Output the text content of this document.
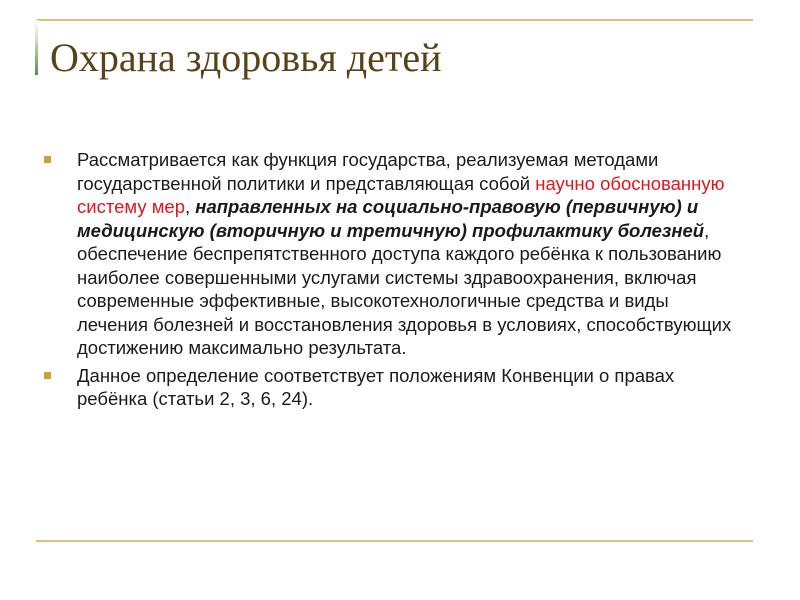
Охрана здоровья детей
Рассматривается как функция государства, реализуемая методами государственной политики и представляющая собой научно обоснованную систему мер, направленных на социально-правовую (первичную) и медицинскую (вторичную и третичную) профилактику болезней, обеспечение беспрепятственного доступа каждого ребёнка к пользованию наиболее совершенными услугами системы здравоохранения, включая современные эффективные, высокотехнологичные средства и виды лечения болезней и восстановления здоровья в условиях, способствующих достижению максимально результата.
Данное определение соответствует положениям Конвенции о правах ребёнка (статьи 2, 3, 6, 24).
